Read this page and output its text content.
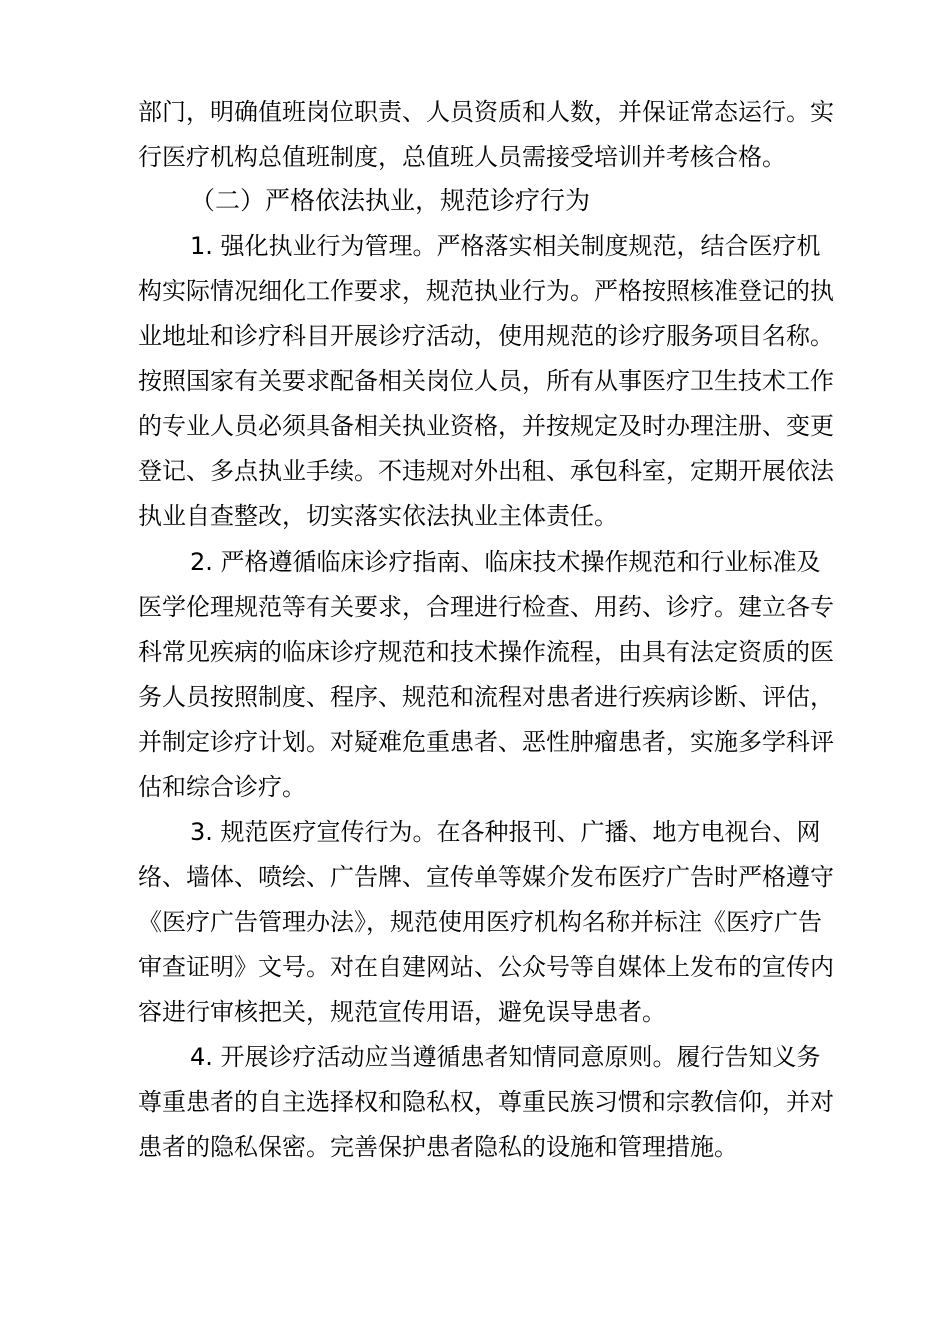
部门，明确值班岗位职责、人员资质和人数，并保证常态运行。实
行医疗机构总值班制度，总值班人员需接受培训并考核合格。
（二）严格依法执业，规范诊疗行为
1. 强化执业行为管理。严格落实相关制度规范，结合医疗机
构实际情况细化工作要求，规范执业行为。严格按照核准登记的执
业地址和诊疗科目开展诊疗活动，使用规范的诊疗服务项目名称。
按照国家有关要求配备相关岗位人员，所有从事医疗卫生技术工作
的专业人员必须具备相关执业资格，并按规定及时办理注册、变更
登记、多点执业手续。不违规对外出租、承包科室，定期开展依法
执业自查整改，切实落实依法执业主体责任。
2. 严格遵循临床诊疗指南、临床技术操作规范和行业标准及
医学伦理规范等有关要求，合理进行检查、用药、诊疗。建立各专
科常见疾病的临床诊疗规范和技术操作流程，由具有法定资质的医
务人员按照制度、程序、规范和流程对患者进行疾病诊断、评估，
并制定诊疗计划。对疑难危重患者、恶性肿瘤患者，实施多学科评
估和综合诊疗。
3. 规范医疗宣传行为。在各种报刊、广播、地方电视台、网
络、墙体、喷绘、广告牌、宣传单等媒介发布医疗广告时严格遵守
《医疗广告管理办法》，规范使用医疗机构名称并标注《医疗广告
审查证明》文号。对在自建网站、公众号等自媒体上发布的宣传内
容进行审核把关，规范宣传用语，避免误导患者。
4. 开展诊疗活动应当遵循患者知情同意原则。履行告知义务
尊重患者的自主选择权和隐私权，尊重民族习惯和宗教信仰，并对
患者的隐私保密。完善保护患者隐私的设施和管理措施。
